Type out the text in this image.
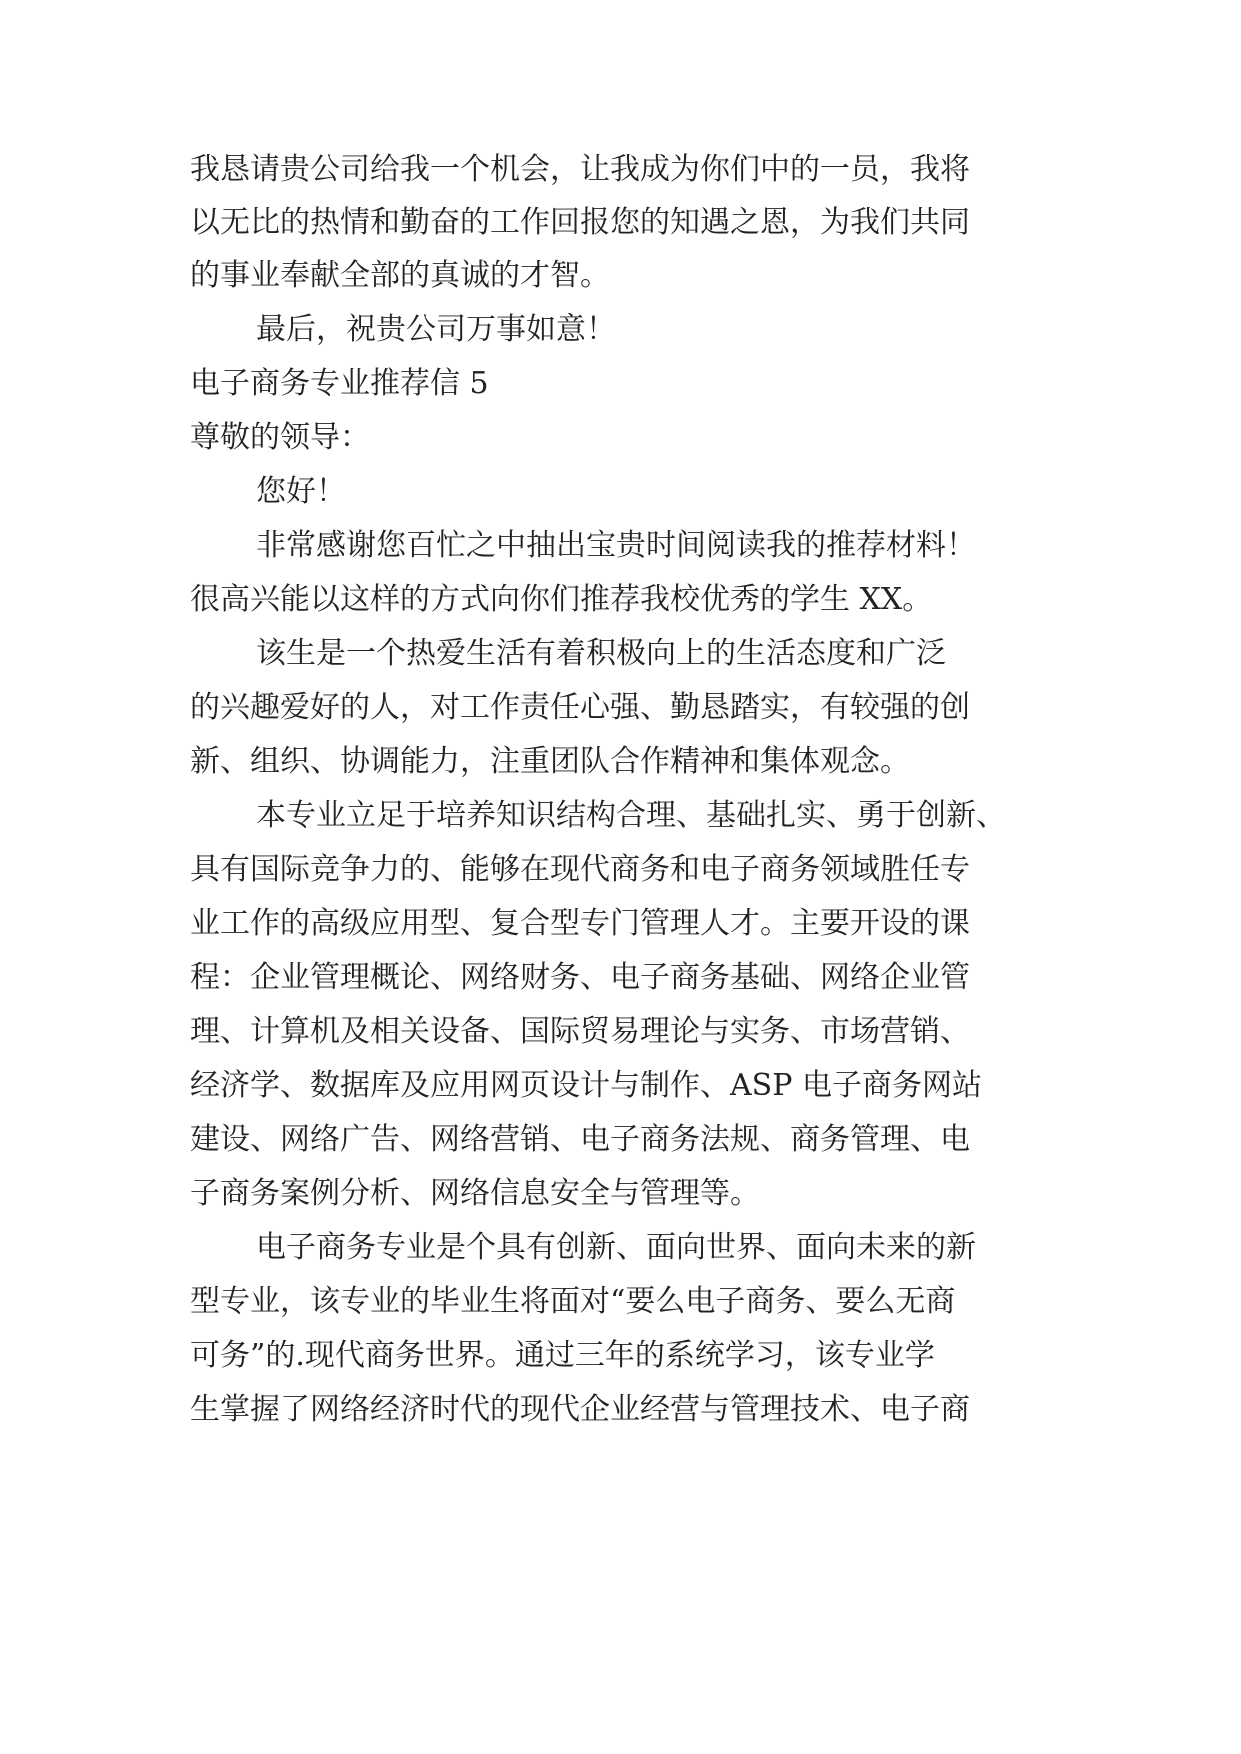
我恳请贵公司给我一个机会，让我成为你们中的一员，我将
以无比的热情和勤奋的工作回报您的知遇之恩，为我们共同
的事业奉献全部的真诚的才智。
最后，祝贵公司万事如意！
电子商务专业推荐信 5
尊敬的领导：
您好！
非常感谢您百忙之中抽出宝贵时间阅读我的推荐材料！
很高兴能以这样的方式向你们推荐我校优秀的学生 XX。
该生是一个热爱生活有着积极向上的生活态度和广泛
的兴趣爱好的人，对工作责任心强、勤恳踏实，有较强的创
新、组织、协调能力，注重团队合作精神和集体观念。
本专业立足于培养知识结构合理、基础扎实、勇于创新、
具有国际竞争力的、能够在现代商务和电子商务领域胜任专
业工作的高级应用型、复合型专门管理人才。主要开设的课
程：企业管理概论、网络财务、电子商务基础、网络企业管
理、计算机及相关设备、国际贸易理论与实务、市场营销、
经济学、数据库及应用网页设计与制作、ASP 电子商务网站
建设、网络广告、网络营销、电子商务法规、商务管理、电
子商务案例分析、网络信息安全与管理等。
电子商务专业是个具有创新、面向世界、面向未来的新
型专业，该专业的毕业生将面对“要么电子商务、要么无商
可务”的.现代商务世界。通过三年的系统学习，该专业学
生掌握了网络经济时代的现代企业经营与管理技术、电子商
